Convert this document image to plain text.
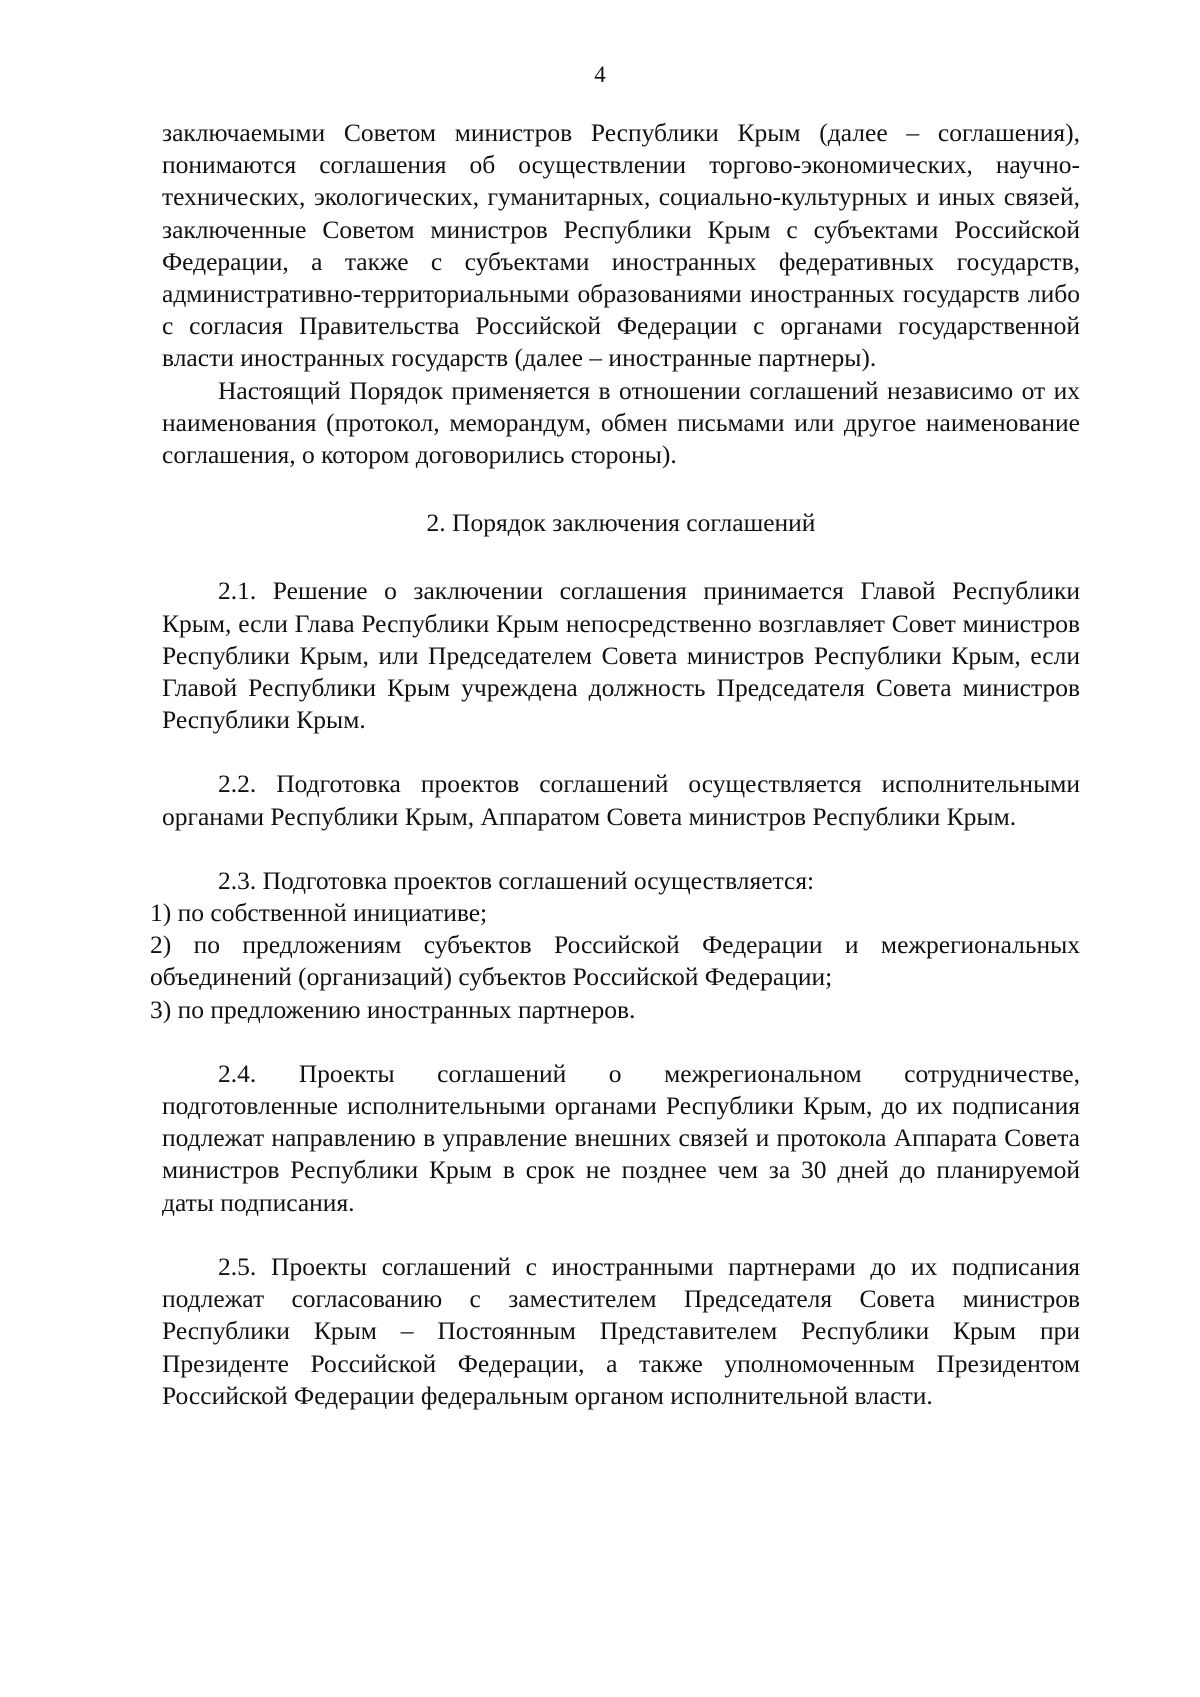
4

заключаемыми Советом министров Республики Крым (далее – соглашения), понимаются соглашения об осуществлении торгово-экономических, научно-технических, экологических, гуманитарных, социально-культурных и иных связей, заключенные Советом министров Республики Крым с субъектами Российской Федерации, а также с субъектами иностранных федеративных государств, административно-территориальными образованиями иностранных государств либо с согласия Правительства Российской Федерации с органами государственной власти иностранных государств (далее – иностранные партнеры).

Настоящий Порядок применяется в отношении соглашений независимо от их наименования (протокол, меморандум, обмен письмами или другое наименование соглашения, о котором договорились стороны).

2. Порядок заключения соглашений

2.1. Решение о заключении соглашения принимается Главой Республики Крым, если Глава Республики Крым непосредственно возглавляет Совет министров Республики Крым, или Председателем Совета министров Республики Крым, если Главой Республики Крым учреждена должность Председателя Совета министров Республики Крым.

2.2. Подготовка проектов соглашений осуществляется исполнительными органами Республики Крым, Аппаратом Совета министров Республики Крым.

2.3. Подготовка проектов соглашений осуществляется:

1) по собственной инициативе;

2) по предложениям субъектов Российской Федерации и межрегиональных объединений (организаций) субъектов Российской Федерации;

3) по предложению иностранных партнеров.

2.4. Проекты соглашений о межрегиональном сотрудничестве, подготовленные исполнительными органами Республики Крым, до их подписания подлежат направлению в управление внешних связей и протокола Аппарата Совета министров Республики Крым в срок не позднее чем за 30 дней до планируемой даты подписания.

2.5. Проекты соглашений с иностранными партнерами до их подписания подлежат согласованию с заместителем Председателя Совета министров Республики Крым – Постоянным Представителем Республики Крым при Президенте Российской Федерации, а также уполномоченным Президентом Российской Федерации федеральным органом исполнительной власти.
